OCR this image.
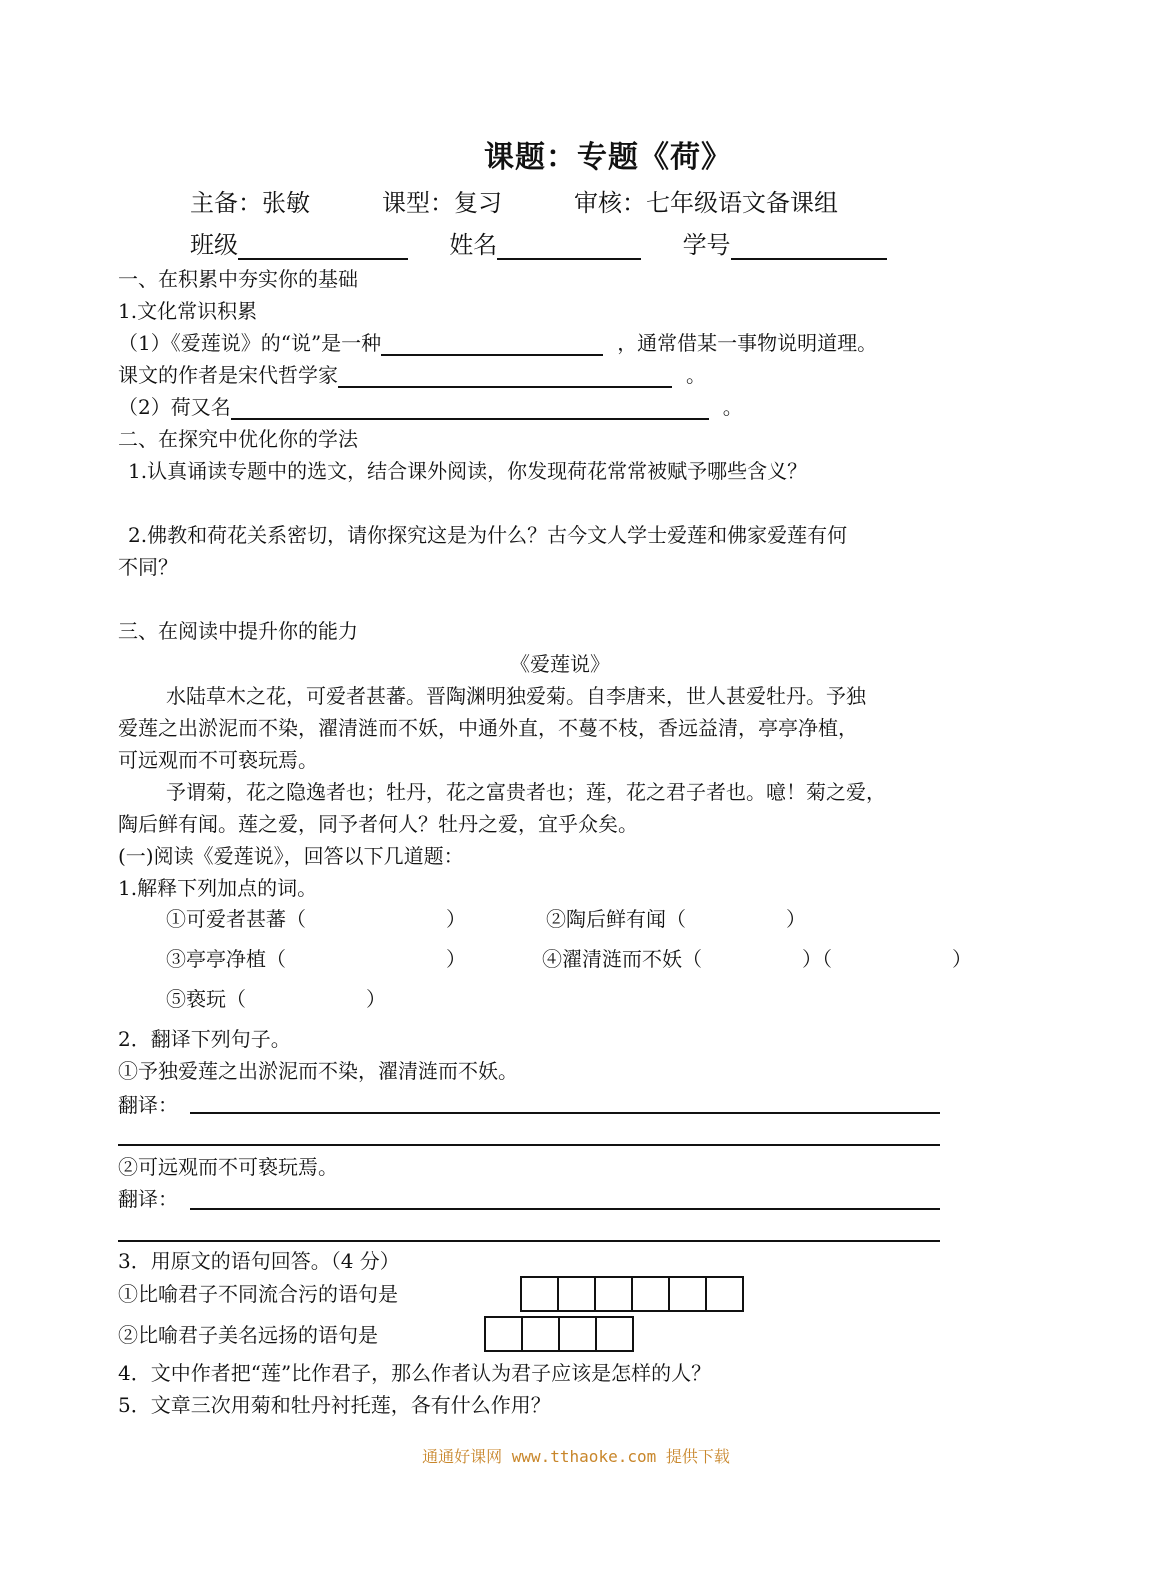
课题：专题《荷》
主备：张敏　　　课型：复习　　　审核：七年级语文备课组
班级	姓名	学号
一、在积累中夯实你的基础
1.文化常识积累
（1）《爱莲说》的“说”是一种	，通常借某一事物说明道理。
课文的作者是宋代哲学家	。
（2）荷又名	。
二、在探究中优化你的学法
1.认真诵读专题中的选文，结合课外阅读，你发现荷花常常被赋予哪些含义？
2.佛教和荷花关系密切，请你探究这是为什么？古今文人学士爱莲和佛家爱莲有何
不同？
三、在阅读中提升你的能力
《爱莲说》
水陆草木之花，可爱者甚蕃。晋陶渊明独爱菊。自李唐来，世人甚爱牡丹。予独
爱莲之出淤泥而不染，濯清涟而不妖，中通外直，不蔓不枝，香远益清，亭亭净植，
可远观而不可亵玩焉。
予谓菊，花之隐逸者也；牡丹，花之富贵者也；莲，花之君子者也。噫！菊之爱，
陶后鲜有闻。莲之爱，同予者何人？牡丹之爱，宜乎众矣。
(一)阅读《爱莲说》，回答以下几道题：
1.解释下列加点的词。
①可爱者甚蕃（　　　　　　　）	②陶后鲜有闻（　　　　　）
③亭亭净植（　　　　　　　　）	④濯清涟而不妖（　　　　　）（　　　　　　）
⑤亵玩（　　　　　　）
2．翻译下列句子。
①予独爱莲之出淤泥而不染，濯清涟而不妖。
翻译：
②可远观而不可亵玩焉。
翻译：
3．用原文的语句回答。（4 分）
①比喻君子不同流合污的语句是
②比喻君子美名远扬的语句是
4．文中作者把“莲”比作君子，那么作者认为君子应该是怎样的人？
5．文章三次用菊和牡丹衬托莲，各有什么作用？
通通好课网 www.tthaoke.com 提供下载
